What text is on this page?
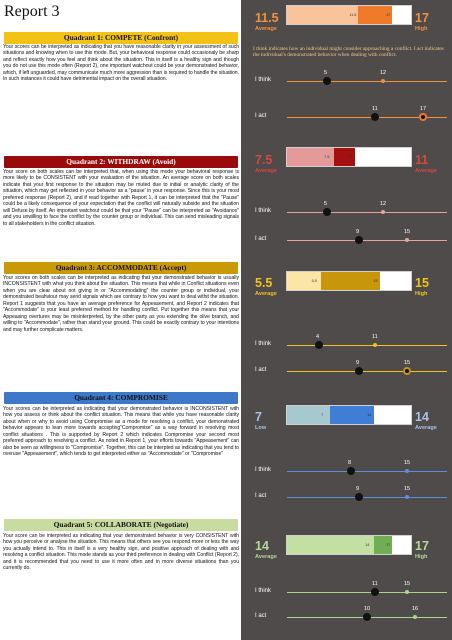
Report 3
I think indicates how an individual might consider approaching a conflict. I act indicates the individual's demonstrated behavior when dealing with conflict.
Quadrant 1: COMPETE (Confront)
Your scores can be interpreted as indicating that you have reasonable clarity in your assessment of such situations and knowing when to use this mode. But, your behavioral response could occasionaly be sharp and reflect exactly how you feel and think about the situation. This in itself is a healthy sign and though you do not use this mode often (Report 2), one important watchout could be your demonstrated behavior, which, if left unguarded, may communicate much more aggression than is required to handle the situation. In such instances it could have detrimental impact on the overall situation.
11.5
Average
17
High
11.5	17
I think
5	12
I act
11	17
Quadrant 2: WITHDRAW (Avoid)
Your score on both scales can be interpreted that, when using this mode your behavioral response is more likely to be CONSISTENT with your evaluation of the situation. An average score on both scales indicate that your first response to the situation may be muted due to initial or analytic clarity of the situation, which may get reflected in your behavior as a "pause' in your response. Since this is your most preferred response (Report 2), and if read together with Report 1, it can be interpreted that the "Pause" could be a likely consequence of your expectation that the conflict will naturally subside and the situation will Defuse by itself. An important watchout could be that your "Pause" can be interpreted as "Avoidance" and you unwilling to face the conflict by the counter group or individual. This can send misleading signals to all stakeholders in the conflict situation.
7.5
Average
11
Average
7.5	11
I think
5	12
I act
9	15
Quadrant 3: ACCOMMODATE (Accept)
Your scores on both scales can be interpreted as indicating that your demonstrated behavior is usually INCONSISTENT with what you think about the situation. This means that while in Conflict situations even when you are clear about not giving in or "Accommodating" the counter group or individual, your demonstrated beahviour may send signals which are contrary to how you want to deal withit the situation. Report 1 suggests that you have an average preference for Appeasement, and Report 2 indicates that "Accommodate" is your least preferred method for handling conflict. Put together this means that your Appeasing overtures may be misinterpreted, by the other party as you extending the olive branch, and willing to "Accommodate", rather than stand your ground. This could be exactly contrary to your intentions and may further complicate matters.
5.5
Average
15
High
5.5	15
I think
4	11
I act
9	15
Quadrant 4: COMPROMISE
Your scores can be interpreted as indicating that your demonstrated behavior is INCONSISTENT with how you assess or think about the conflict situation. This means that while you have reasonable clarity about when or why to avoid using Compromise as a mode for resolving a conflict, your demonstrated behavior appears to lean more towards accepting"Compromise" as a way forward in resolving most conflict situations . This is supported by Report 2 which indicates Compromise your second most preferred approach to resolving a conflict. As noted in Report 1, your efforts towards "Appeasement" can also be seen as willingness to "Compromise". Together, this can be interpted as indicating that you tend to overuse "Appeasement", which tends to get interpreted either as "Accommodate" or "Compromise"
7
Low
14
Average
7	14
I think
8	15
I act
9	15
Quadrant 5: COLLABORATE (Negotiate)
Your score can be interpreted as indicating that your demonstrated behavior is very CONSISTENT with how you perceive or analyse the situation. This means that others see you respond more or less the way you actually intend to. This in itself is a very healthy sign, and positive approach of dealing with and resolving a conflict situation. This mode stands as your third preference in dealing with Conflict (Report 2), and it is recommended that you need to use it more often and in more diverse situations than you currently do.
14
Average
17
High
14	17
I think
11	15
I act
10	16
